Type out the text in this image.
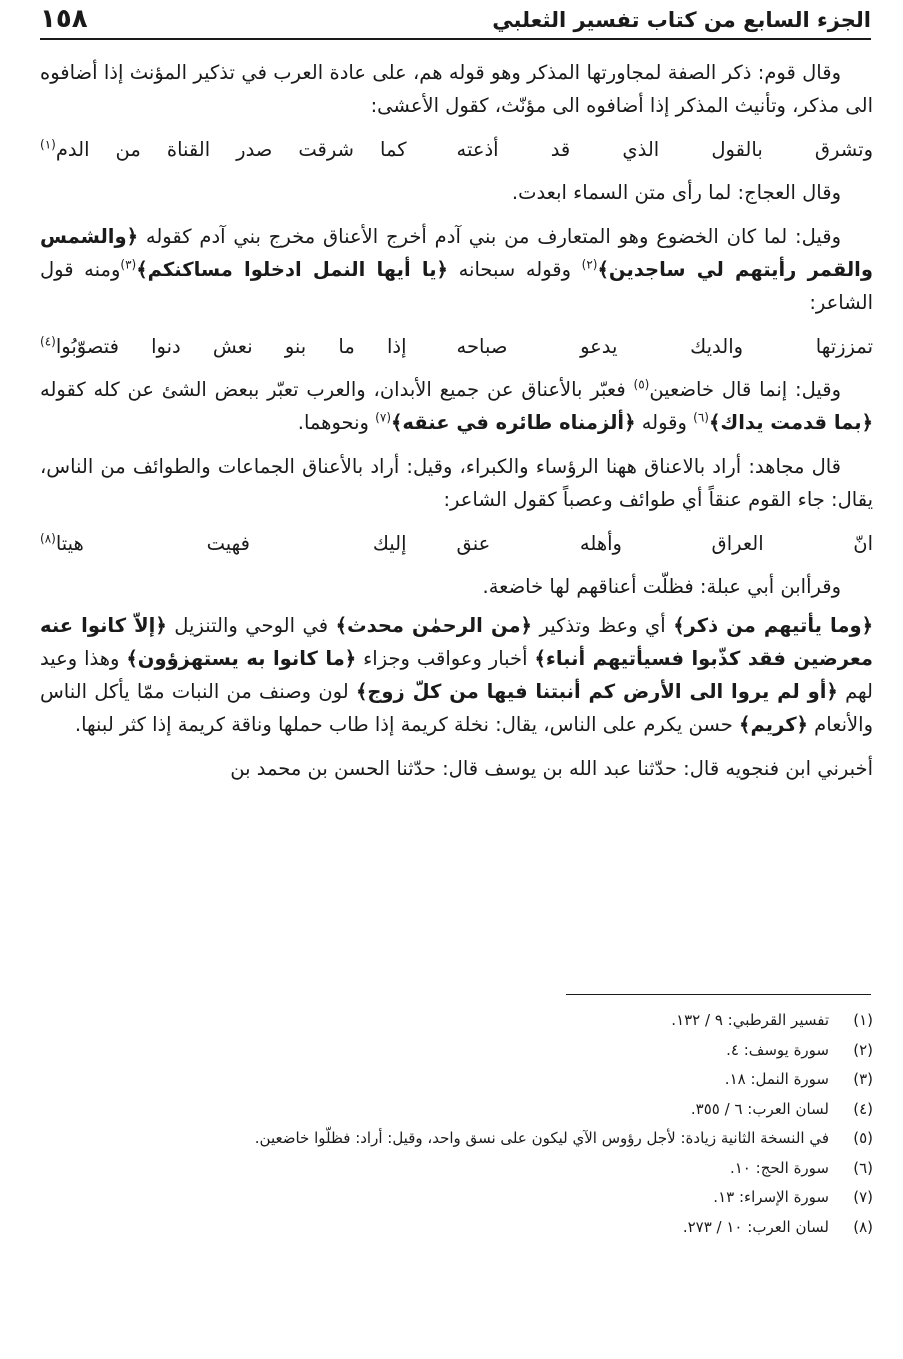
الجزء السابع من كتاب تفسير الثعلبي
١٥٨

وقال قوم: ذكر الصفة لمجاورتها المذكر وهو قوله هم، على عادة العرب في تذكير المؤنث إذا أضافوه الى مذكر، وتأنيث المذكر إذا أضافوه الى مؤنّث، كقول الأعشى:

وتشرق بالقول الذي قد أذعته
كما شرقت صدر القناة من الدم$^{(١)}$

وقال العجاج: لما رأى متن السماء ابعدت.

وقيل: لما كان الخضوع وهو المتعارف من بني آدم أخرج الأعناق مخرج بني آدم كقوله ﴿والشمس والقمر رأيتهم لي ساجدين﴾$^{(٢)}$ وقوله سبحانه ﴿يا أيها النمل ادخلوا مساكنكم﴾$^{(٣)}$ومنه قول الشاعر:

تمززتها والديك يدعو صباحه
إذا ما بنو نعش دنوا فتصوّبُوا$^{(٤)}$

وقيل: إنما قال خاضعين$^{(٥)}$ فعبّر بالأعناق عن جميع الأبدان، والعرب تعبّر ببعض الشئ عن كله كقوله ﴿بما قدمت يداك﴾$^{(٦)}$ وقوله ﴿ألزمناه طائره في عنقه﴾$^{(٧)}$ ونحوهما.

قال مجاهد: أراد بالاعناق ههنا الرؤساء والكبراء، وقيل: أراد بالأعناق الجماعات والطوائف من الناس، يقال: جاء القوم عنقاً أي طوائف وعصباً كقول الشاعر:

انّ العراق وأهله عنق
إليك فهيت هيتا$^{(٨)}$

وقرأابن أبي عبلة: فظلّت أعناقهم لها خاضعة.

﴿وما يأتيهم من ذكر﴾ أي وعظ وتذكير ﴿من الرحمٰن محدث﴾ في الوحي والتنزيل ﴿إلاّ كانوا عنه معرضين فقد كذّبوا فسيأتيهم أنباء﴾ أخبار وعواقب وجزاء ﴿ما كانوا به يستهزؤون﴾ وهذا وعيد لهم ﴿أو لم يروا الى الأرض كم أنبتنا فيها من كلّ زوج﴾ لون وصنف من النبات ممّا يأكل الناس والأنعام ﴿كريم﴾ حسن يكرم على الناس، يقال: نخلة كريمة إذا طاب حملها وناقة كريمة إذا كثر لبنها.

أخبرني ابن فنجويه قال: حدّثنا عبد الله بن يوسف قال: حدّثنا الحسن بن محمد بن

(١)
تفسير القرطبي: ٩ / ١٣٢.
(٢)
سورة يوسف: ٤.
(٣)
سورة النمل: ١٨.
(٤)
لسان العرب: ٦ / ٣٥٥.
(٥)
في النسخة الثانية زيادة: لأجل رؤوس الآي ليكون على نسق واحد، وقيل: أراد: فظلّوا خاضعين.
(٦)
سورة الحج: ١٠.
(٧)
سورة الإسراء: ١٣.
(٨)
لسان العرب: ١٠ / ٢٧٣.
